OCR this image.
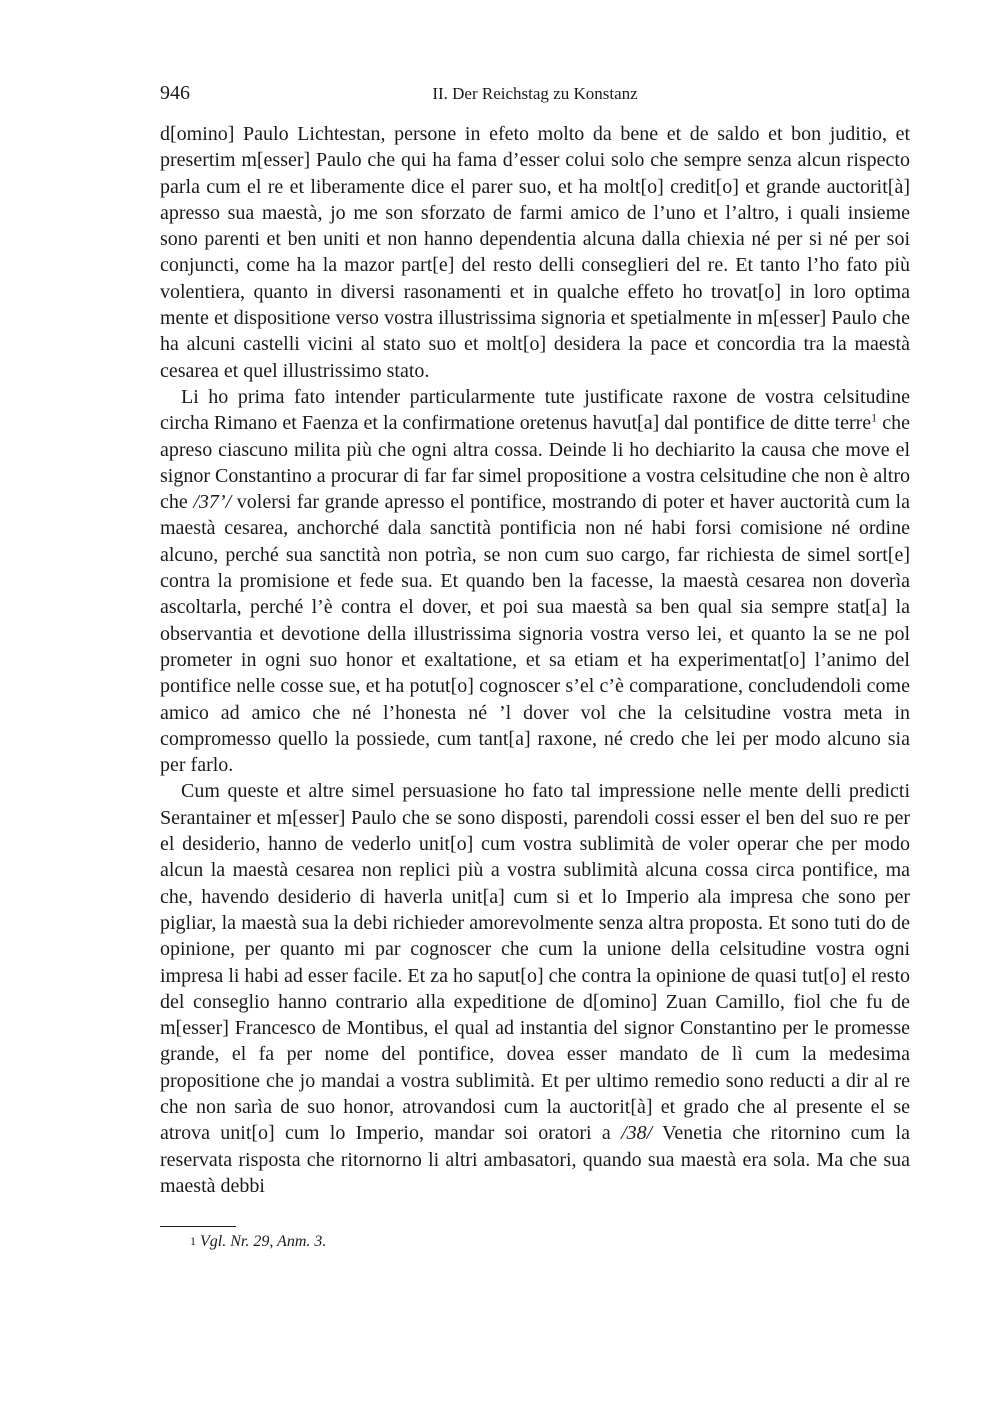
946	II. Der Reichstag zu Konstanz

d[omino] Paulo Lichtestan, persone in efeto molto da bene et de saldo et bon juditio, et presertim m[esser] Paulo che qui ha fama d’esser colui solo che sempre senza alcun rispecto parla cum el re et liberamente dice el parer suo, et ha molt[o] credit[o] et grande auctorit[à] apresso sua maestà, jo me son sforzato de farmi amico de l’uno et l’altro, i quali insieme sono parenti et ben uniti et non hanno dependentia alcuna dalla chiexia né per si né per soi conjuncti, come ha la mazor part[e] del resto delli conseglieri del re. Et tanto l’ho fato più volentiera, quanto in diversi rasonamenti et in qualche effeto ho trovat[o] in loro optima mente et dispositione verso vostra illustrissima signoria et spetialmente in m[esser] Paulo che ha alcuni castelli vicini al stato suo et molt[o] desidera la pace et concordia tra la maestà cesarea et quel illustrissimo stato.

Li ho prima fato intender particularmente tute justificate raxone de vostra celsitudine circha Rimano et Faenza et la confirmatione oretenus havut[a] dal pontifice de ditte terre$^1$ che apreso ciascuno milita più che ogni altra cossa. Deinde li ho dechiarito la causa che move el signor Constantino a procurar di far far simel propositione a vostra celsitudine che non è altro che /37’/ volersi far grande apresso el pontifice, mostrando di poter et haver auctorità cum la maestà cesarea, anchorché dala sanctità pontificia non né habi forsi comisione né ordine alcuno, perché sua sanctità non potrìa, se non cum suo cargo, far richiesta de simel sort[e] contra la promisione et fede sua. Et quando ben la facesse, la maestà cesarea non doverìa ascoltarla, perché l’è contra el dover, et poi sua maestà sa ben qual sia sempre stat[a] la observantia et devotione della illustrissima signoria vostra verso lei, et quanto la se ne pol prometer in ogni suo honor et exaltatione, et sa etiam et ha experimentat[o] l’animo del pontifice nelle cosse sue, et ha potut[o] cognoscer s’el c’è comparatione, concludendoli come amico ad amico che né l’honesta né ’l dover vol che la celsitudine vostra meta in compromesso quello la possiede, cum tant[a] raxone, né credo che lei per modo alcuno sia per farlo.

Cum queste et altre simel persuasione ho fato tal impressione nelle mente delli predicti Serantainer et m[esser] Paulo che se sono disposti, parendoli cossi esser el ben del suo re per el desiderio, hanno de vederlo unit[o] cum vostra sublimità de voler operar che per modo alcun la maestà cesarea non replici più a vostra sublimità alcuna cossa circa pontifice, ma che, havendo desiderio di haverla unit[a] cum si et lo Imperio ala impresa che sono per pigliar, la maestà sua la debi richieder amorevolmente senza altra proposta. Et sono tuti do de opinione, per quanto mi par cognoscer che cum la unione della celsitudine vostra ogni impresa li habi ad esser facile. Et za ho saput[o] che contra la opinione de quasi tut[o] el resto del conseglio hanno contrario alla expeditione de d[omino] Zuan Camillo, fiol che fu de m[esser] Francesco de Montibus, el qual ad instantia del signor Constantino per le promesse grande, el fa per nome del pontifice, dovea esser mandato de lì cum la medesima propositione che jo mandai a vostra sublimità. Et per ultimo remedio sono reducti a dir al re che non sarìa de suo honor, atrovandosi cum la auctorit[à] et grado che al presente el se atrova unit[o] cum lo Imperio, mandar soi oratori a /38/ Venetia che ritornino cum la reservata risposta che ritornorno li altri ambasatori, quando sua maestà era sola. Ma che sua maestà debbi

1 Vgl. Nr. 29, Anm. 3.
